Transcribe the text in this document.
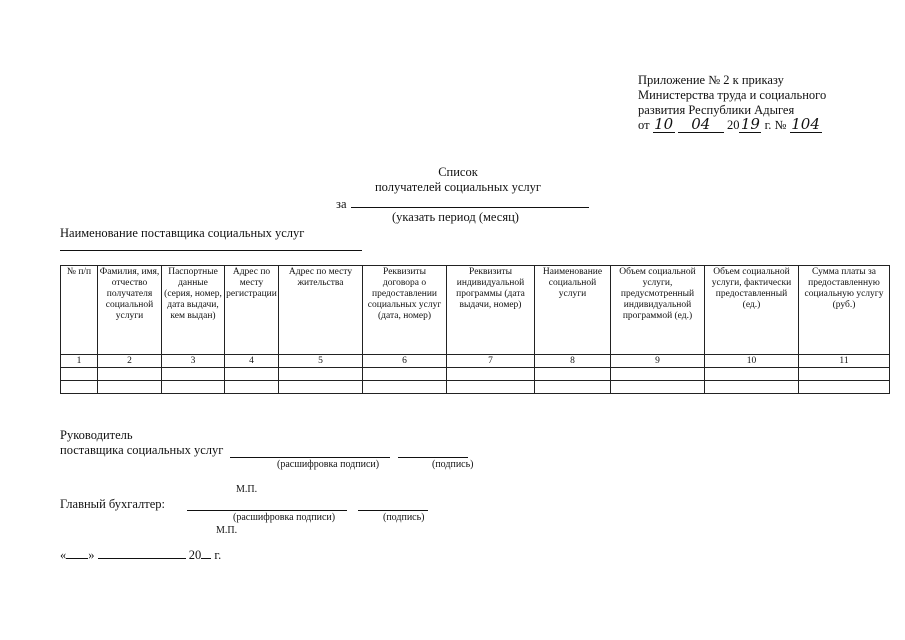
Приложение № 2 к приказу
Министерства труда и социального
развития Республики Адыгея
от 10 04 2019 г. № 104
Список
получателей социальных услуг
за
(указать период (месяц)
Наименование поставщика социальных услуг
№ п/п	Фамилия, имя, отчество получателя социальной услуги	Паспортные данные (серия, номер, дата выдачи, кем выдан)	Адрес по месту регистрации	Адрес по месту жительства	Реквизиты договора о предоставлении социальных услуг (дата, номер)	Реквизиты индивидуальной программы (дата выдачи, номер)	Наименование социальной услуги	Объем социальной услуги, предусмотренный индивидуальной программой (ед.)	Объем социальной услуги, фактически предоставленный (ед.)	Сумма платы за предоставленную социальную услугу (руб.)
1	2	3	4	5	6	7	8	9	10	11

Руководитель
поставщика социальных услуг
(расшифровка подписи)	(подпись)
М.П.
Главный бухгалтер:
(расшифровка подписи)	(подпись)
М.П.
« »	20 г.
